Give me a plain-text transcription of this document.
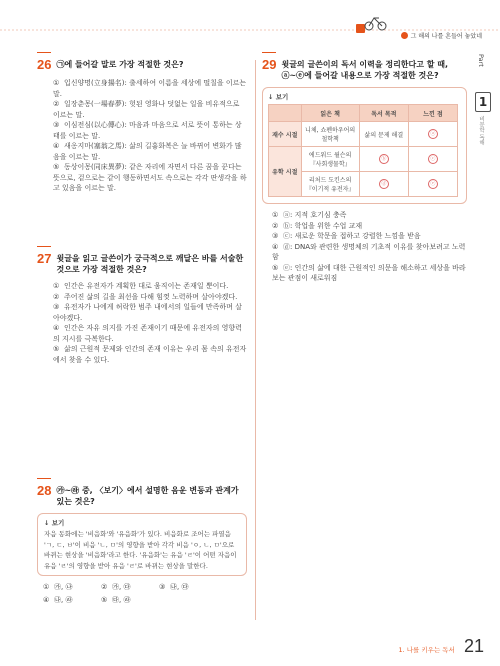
그 해의 나를 흔들어 놓았네
Part
1
비문학 독해
26 ㉠에 들어갈 말로 가장 적절한 것은?
① 입신양명(立身揚名): 출세하여 이름을 세상에 떨칠을 이르는 말.
② 일장춘몽(一場春夢): 헛된 영화나 덧없는 일을 비유적으로 이르는 말.
③ 이심전심(以心傳心): 마음과 마음으로 서로 뜻이 통하는 상태를 이르는 말.
④ 새옹지마(塞翁之馬): 삶의 길흉화복은 늘 바뀌어 변화가 많음을 이르는 말.
⑤ 동상이몽(同床異夢): 같은 자리에 자면서 다른 꿈을 꾼다는 뜻으로, 겉으로는 같이 행동하면서도 속으로는 각각 딴생각을 하고 있음을 이르는 말.
27 윗글을 읽고 글쓴이가 궁극적으로 깨달은 바를 서술한 것으로 가장 적절한 것은?
① 인간은 유전자가 계획한 대로 움직이는 존재일 뿐이다.
② 주어진 삶의 길을 최선을 다해 힘껏 노력하며 살아야겠다.
③ 유전자가 나에게 허락한 범주 내에서의 일들에 만족하며 살아야겠다.
④ 인간은 자유 의지를 가진 존재이기 때문에 유전자의 영향력의 지시를 극복한다.
⑤ 삶의 근원적 문제와 인간의 존재 이유는 우리 몸 속의 유전자에서 찾을 수 있다.
28 ㉮~㉱ 중, 〈보기〉에서 설명한 음운 변동과 관계가 있는 것은?
↓ 보기
자음 동화에는 '비음화'와 '유음화'가 있다. 비음화로 조어는 파열음 'ㄱ, ㄷ, ㅂ'이 비음 'ㄴ, ㅁ'의 영향을 받아 각각 비음 'ㅇ, ㄴ, ㅁ'으로 바뀌는 현상을 '비음화'라고 한다. '유음화'는 유음 'ㄹ'이 어떤 자음이 유음 'ㄹ'의 영향을 받아 유음 'ㄹ'로 바뀌는 현상을 말한다.
① ㉮, ㉯	② ㉮, ㉰	③ ㉯, ㉰
④ ㉯, ㉱	⑤ ㉰, ㉱
29 윗글의 글쓴이의 독서 이력을 정리한다고 할 때, ⓐ~ⓔ에 들어갈 내용으로 가장 적절한 것은?
↓ 보기
	읽은 책	독서 목적	느낀 점
재수 시절	니체, 쇼펜하우어의 철학책	삶의 문제 해결	ⓐ
유학 시절	에드워드 윌슨의 『사회생물학』	ⓑ	ⓒ
	리처드 도킨스의 『이기적 유전자』	ⓓ	ⓔ
① ⓐ: 지적 호기심 충족
② ⓑ: 학업을 위한 수업 교재
③ ⓒ: 새로운 학문을 접하고 강렬한 느낌을 받음
④ ⓓ: DNA와 관련한 생명체의 기초적 이유를 찾아보려고 노력함
⑤ ⓔ: 인간의 삶에 대한 근원적인 의문을 해소하고 세상을 바라보는 관점이 새로워짐
1. 나를 키우는 독서 21
